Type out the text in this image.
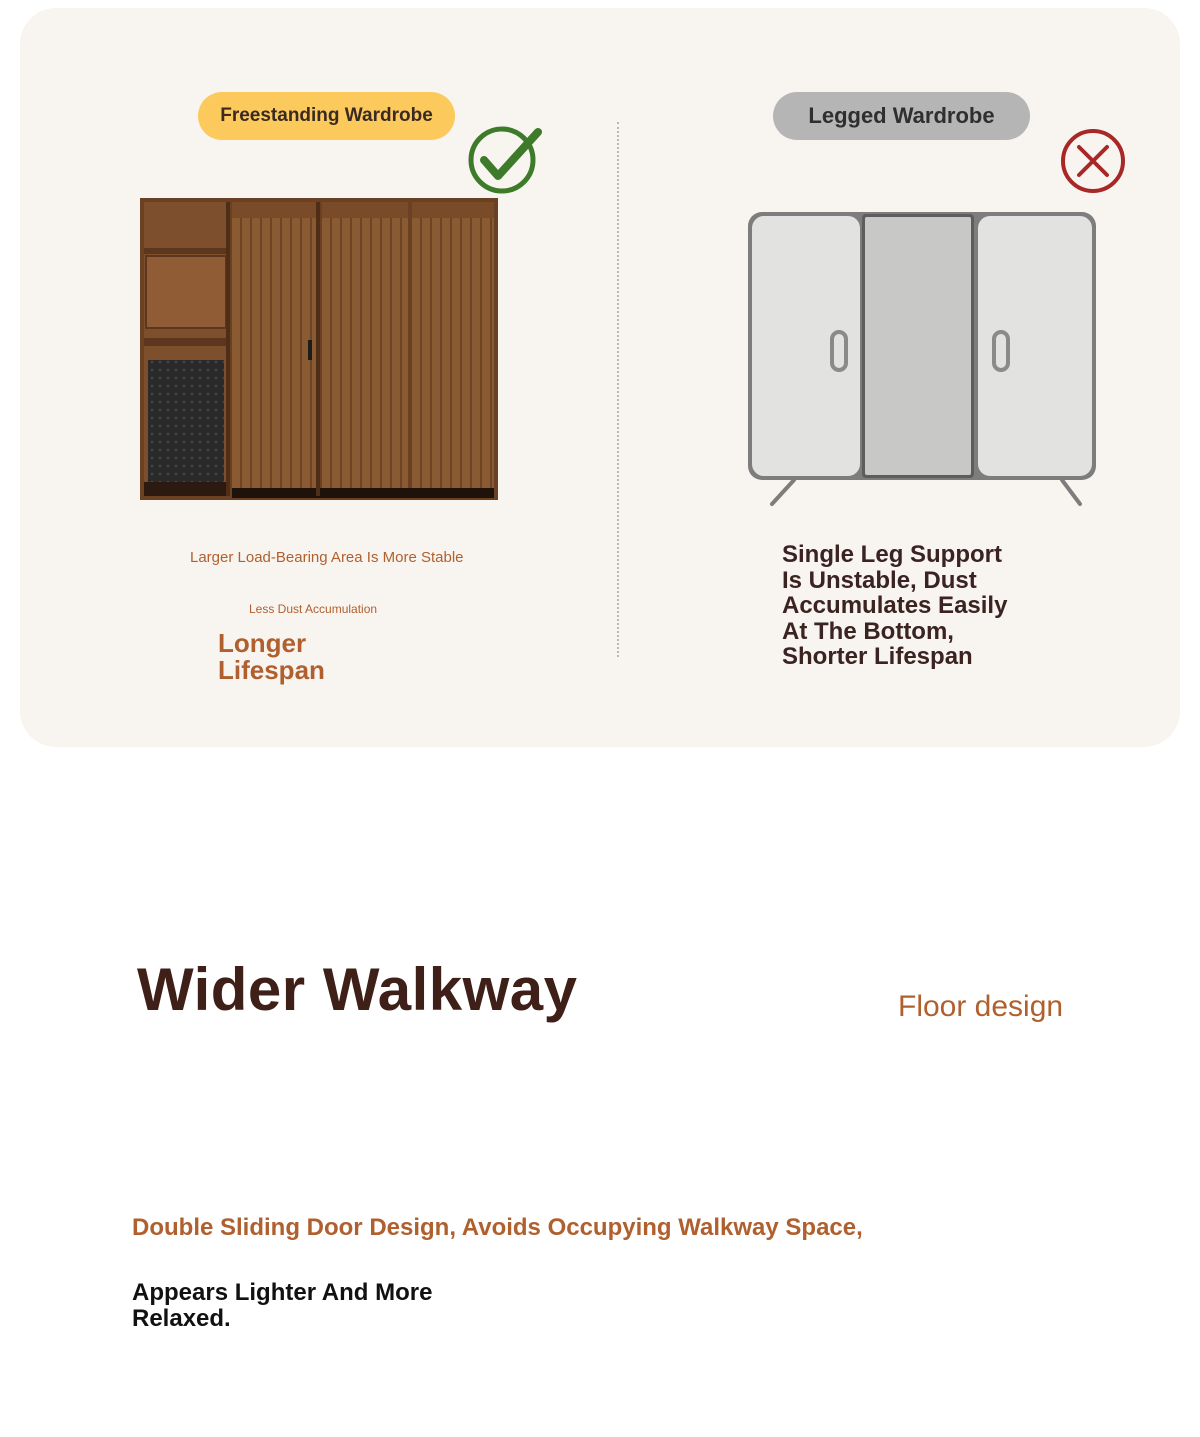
Freestanding Wardrobe	Legged Wardrobe

Larger Load-Bearing Area Is More Stable

Less Dust Accumulation

Longer Lifespan

Single Leg Support Is Unstable, Dust Accumulates Easily At The Bottom, Shorter Lifespan

Wider Walkway	Floor design

Double Sliding Door Design, Avoids Occupying Walkway Space,

Appears Lighter And More Relaxed.
